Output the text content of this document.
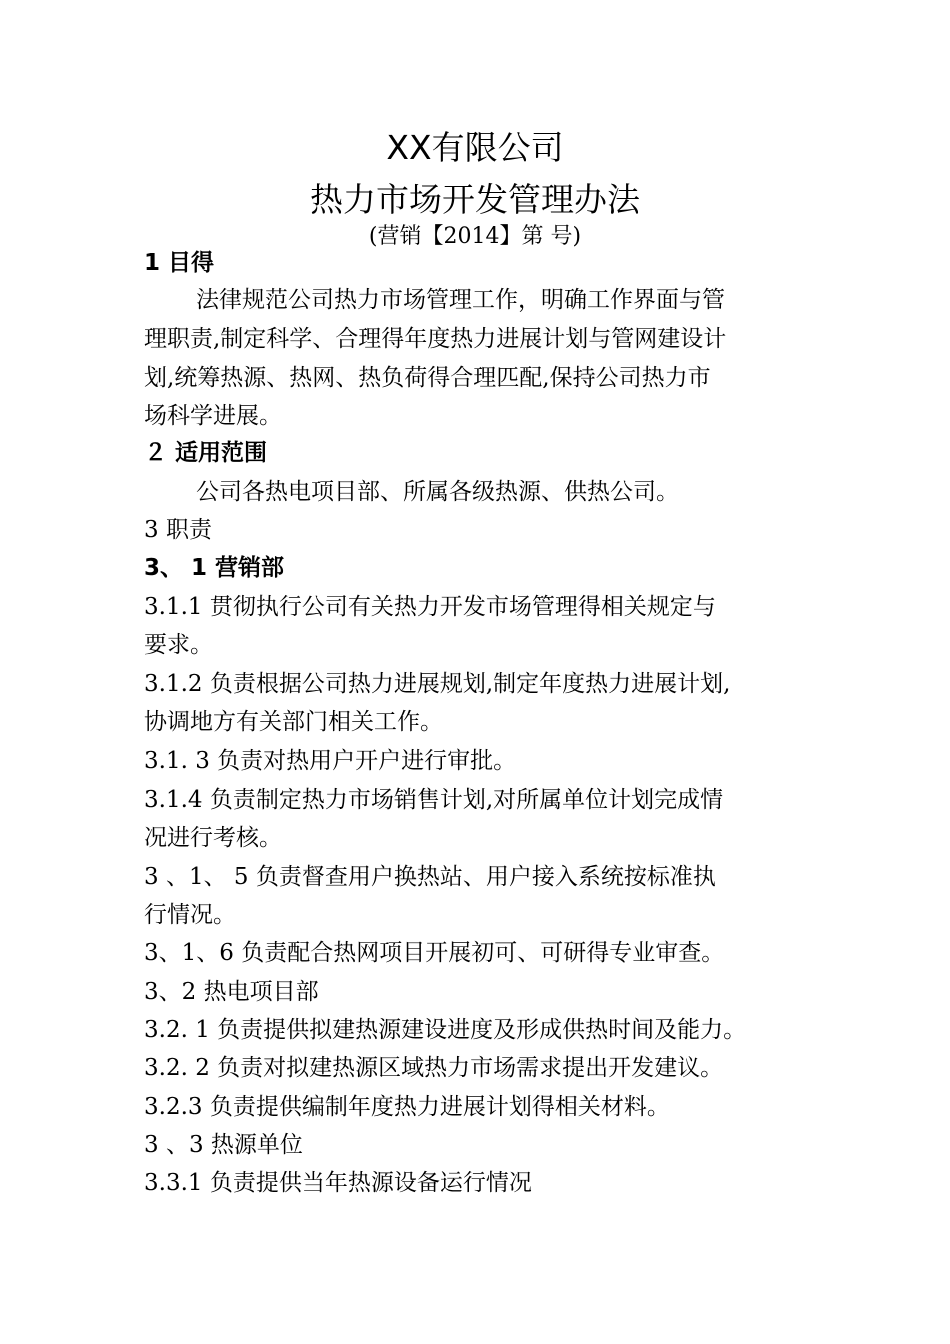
XX有限公司
热力市场开发管理办法
(营销【2014】第 号)
1 目得
法律规范公司热力市场管理工作，明确工作界面与管
理职责,制定科学、合理得年度热力进展计划与管网建设计
划,统筹热源、热网、热负荷得合理匹配,保持公司热力市
场科学进展。
２ 适用范围
公司各热电项目部、所属各级热源、供热公司。
3 职责
3、 1 营销部
3.1.1 贯彻执行公司有关热力开发市场管理得相关规定与
要求。
3.1.2 负责根据公司热力进展规划,制定年度热力进展计划,
协调地方有关部门相关工作。
3.1. 3 负责对热用户开户进行审批。
3.1.4 负责制定热力市场销售计划,对所属单位计划完成情
况进行考核。
3 、1、 5 负责督查用户换热站、用户接入系统按标准执
行情况。
3、1、6 负责配合热网项目开展初可、可研得专业审查。
3、2 热电项目部
3.2. 1 负责提供拟建热源建设进度及形成供热时间及能力。
3.2. 2 负责对拟建热源区域热力市场需求提出开发建议。
3.2.3 负责提供编制年度热力进展计划得相关材料。
3 、3 热源单位
3.3.1 负责提供当年热源设备运行情况
